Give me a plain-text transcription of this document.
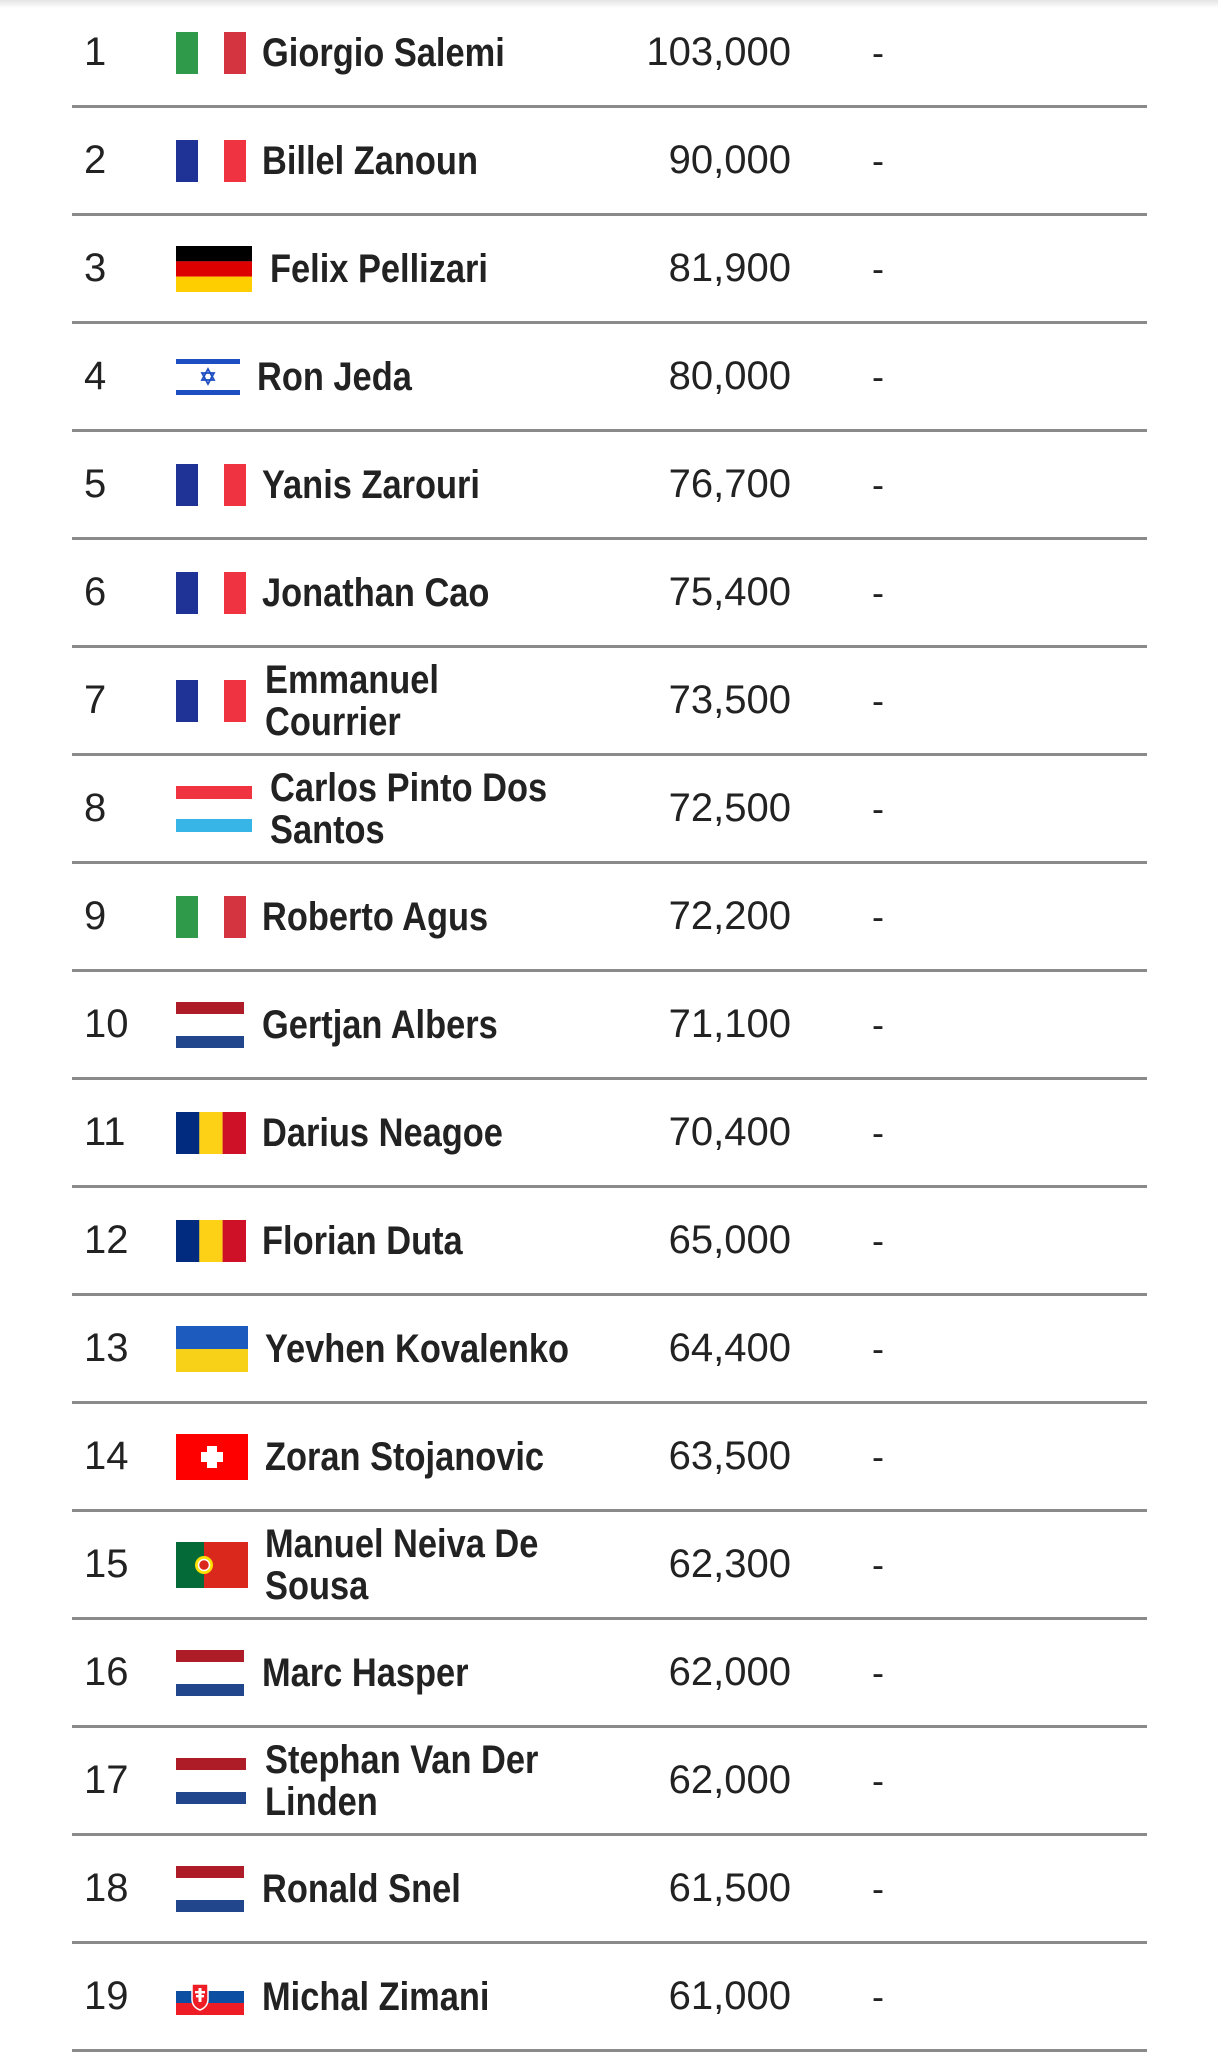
1	Giorgio Salemi	103,000 -
2	Billel Zanoun	90,000 -
3	Felix Pellizari	81,900 -
4	Ron Jeda	80,000 -
5	Yanis Zarouri	76,700 -
6	Jonathan Cao	75,400 -
7	Emmanuel Courrier	73,500 -
8	Carlos Pinto Dos Santos	72,500 -
9	Roberto Agus	72,200 -
10	Gertjan Albers	71,100 -
11	Darius Neagoe	70,400 -
12	Florian Duta	65,000 -
13	Yevhen Kovalenko 64,400 -
14	Zoran Stojanovic	63,500 -
15	Manuel Neiva De Sousa	62,300 -
16	Marc Hasper	62,000 -
17	Stephan Van Der Linden	62,000 -
18	Ronald Snel	61,500 -
19	Michal Zimani	61,000 -
